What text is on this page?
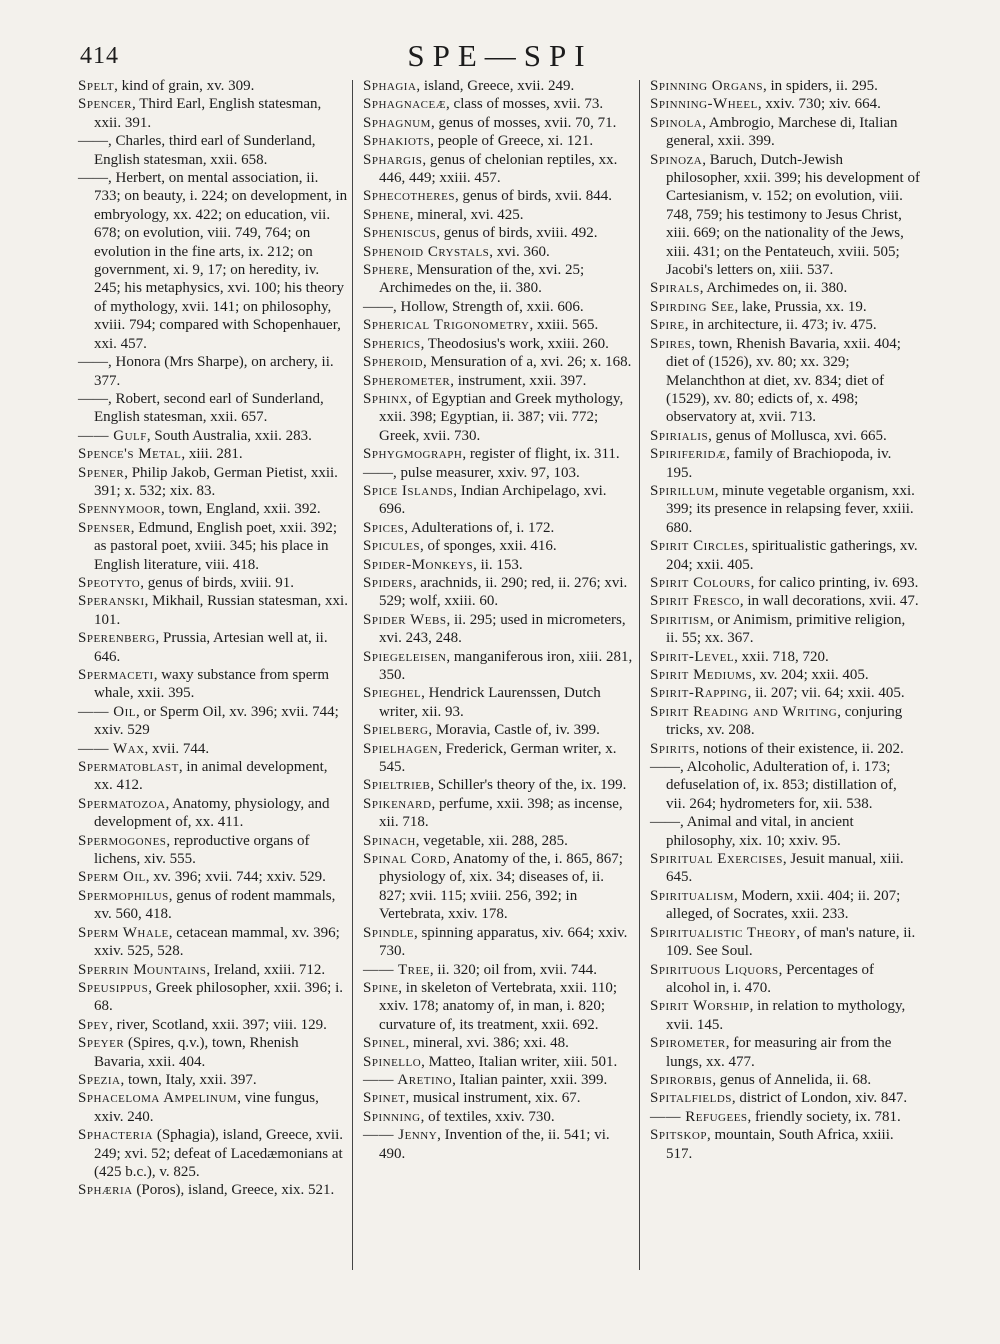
414	SPE—SPI

Spelt, kind of grain, xv. 309.

Spencer, Third Earl, English statesman, xxii. 391.

——, Charles, third earl of Sunderland, English statesman, xxii. 658.

——, Herbert, on mental association, ii. 733; on beauty, i. 224; on development, in embryology, xx. 422; on education, vii. 678; on evolution, viii. 749, 764; on evolution in the fine arts, ix. 212; on government, xi. 9, 17; on heredity, iv. 245; his metaphysics, xvi. 100; his theory of mythology, xvii. 141; on philosophy, xviii. 794; compared with Schopenhauer, xxi. 457.

——, Honora (Mrs Sharpe), on archery, ii. 377.

——, Robert, second earl of Sunderland, English statesman, xxii. 657.

—— Gulf, South Australia, xxii. 283.

Spence's Metal, xiii. 281.

Spener, Philip Jakob, German Pietist, xxii. 391; x. 532; xix. 83.

Spennymoor, town, England, xxii. 392.

Spenser, Edmund, English poet, xxii. 392; as pastoral poet, xviii. 345; his place in English literature, viii. 418.

Speotyto, genus of birds, xviii. 91.

Speranski, Mikhail, Russian statesman, xxi. 101.

Sperenberg, Prussia, Artesian well at, ii. 646.

Spermaceti, waxy substance from sperm whale, xxii. 395.

—— Oil, or Sperm Oil, xv. 396; xvii. 744; xxiv. 529

—— Wax, xvii. 744.

Spermatoblast, in animal development, xx. 412.

Spermatozoa, Anatomy, physiology, and development of, xx. 411.

Spermogones, reproductive organs of lichens, xiv. 555.

Sperm Oil, xv. 396; xvii. 744; xxiv. 529.

Spermophilus, genus of rodent mammals, xv. 560, 418.

Sperm Whale, cetacean mammal, xv. 396; xxiv. 525, 528.

Sperrin Mountains, Ireland, xxiii. 712.

Speusippus, Greek philosopher, xxii. 396; i. 68.

Spey, river, Scotland, xxii. 397; viii. 129.

Speyer (Spires, q.v.), town, Rhenish Bavaria, xxii. 404.

Spezia, town, Italy, xxii. 397.

Sphaceloma Ampelinum, vine fungus, xxiv. 240.

Sphacteria (Sphagia), island, Greece, xvii. 249; xvi. 52; defeat of Lacedæmonians at (425 b.c.), v. 825.

Sphæria (Poros), island, Greece, xix. 521.

Sphagia, island, Greece, xvii. 249.

Sphagnaceæ, class of mosses, xvii. 73.

Sphagnum, genus of mosses, xvii. 70, 71.

Sphakiots, people of Greece, xi. 121.

Sphargis, genus of chelonian reptiles, xx. 446, 449; xxiii. 457.

Sphecotheres, genus of birds, xvii. 844.

Sphene, mineral, xvi. 425.

Spheniscus, genus of birds, xviii. 492.

Sphenoid Crystals, xvi. 360.

Sphere, Mensuration of the, xvi. 25; Archimedes on the, ii. 380.

——, Hollow, Strength of, xxii. 606.

Spherical Trigonometry, xxiii. 565.

Spherics, Theodosius's work, xxiii. 260.

Spheroid, Mensuration of a, xvi. 26; x. 168.

Spherometer, instrument, xxii. 397.

Sphinx, of Egyptian and Greek mythology, xxii. 398; Egyptian, ii. 387; vii. 772; Greek, xvii. 730.

Sphygmograph, register of flight, ix. 311.

——, pulse measurer, xxiv. 97, 103.

Spice Islands, Indian Archipelago, xvi. 696.

Spices, Adulterations of, i. 172.

Spicules, of sponges, xxii. 416.

Spider-Monkeys, ii. 153.

Spiders, arachnids, ii. 290; red, ii. 276; xvi. 529; wolf, xxiii. 60.

Spider Webs, ii. 295; used in micrometers, xvi. 243, 248.

Spiegeleisen, manganiferous iron, xiii. 281, 350.

Spieghel, Hendrick Laurenssen, Dutch writer, xii. 93.

Spielberg, Moravia, Castle of, iv. 399.

Spielhagen, Frederick, German writer, x. 545.

Spieltrieb, Schiller's theory of the, ix. 199.

Spikenard, perfume, xxii. 398; as incense, xii. 718.

Spinach, vegetable, xii. 288, 285.

Spinal Cord, Anatomy of the, i. 865, 867; physiology of, xix. 34; diseases of, ii. 827; xvii. 115; xviii. 256, 392; in Vertebrata, xxiv. 178.

Spindle, spinning apparatus, xiv. 664; xxiv. 730.

—— Tree, ii. 320; oil from, xvii. 744.

Spine, in skeleton of Vertebrata, xxii. 110; xxiv. 178; anatomy of, in man, i. 820; curvature of, its treatment, xxii. 692.

Spinel, mineral, xvi. 386; xxi. 48.

Spinello, Matteo, Italian writer, xiii. 501.

—— Aretino, Italian painter, xxii. 399.

Spinet, musical instrument, xix. 67.

Spinning, of textiles, xxiv. 730.

—— Jenny, Invention of the, ii. 541; vi. 490.

Spinning Organs, in spiders, ii. 295.

Spinning-Wheel, xxiv. 730; xiv. 664.

Spinola, Ambrogio, Marchese di, Italian general, xxii. 399.

Spinoza, Baruch, Dutch-Jewish philosopher, xxii. 399; his development of Cartesianism, v. 152; on evolution, viii. 748, 759; his testimony to Jesus Christ, xiii. 669; on the nationality of the Jews, xiii. 431; on the Pentateuch, xviii. 505; Jacobi's letters on, xiii. 537.

Spirals, Archimedes on, ii. 380.

Spirding See, lake, Prussia, xx. 19.

Spire, in architecture, ii. 473; iv. 475.

Spires, town, Rhenish Bavaria, xxii. 404; diet of (1526), xv. 80; xx. 329; Melanchthon at diet, xv. 834; diet of (1529), xv. 80; edicts of, x. 498; observatory at, xvii. 713.

Spirialis, genus of Mollusca, xvi. 665.

Spiriferidæ, family of Brachiopoda, iv. 195.

Spirillum, minute vegetable organism, xxi. 399; its presence in relapsing fever, xxiii. 680.

Spirit Circles, spiritualistic gatherings, xv. 204; xxii. 405.

Spirit Colours, for calico printing, iv. 693.

Spirit Fresco, in wall decorations, xvii. 47.

Spiritism, or Animism, primitive religion, ii. 55; xx. 367.

Spirit-Level, xxii. 718, 720.

Spirit Mediums, xv. 204; xxii. 405.

Spirit-Rapping, ii. 207; vii. 64; xxii. 405.

Spirit Reading and Writing, conjuring tricks, xv. 208.

Spirits, notions of their existence, ii. 202.

——, Alcoholic, Adulteration of, i. 173; defuselation of, ix. 853; distillation of, vii. 264; hydrometers for, xii. 538.

——, Animal and vital, in ancient philosophy, xix. 10; xxiv. 95.

Spiritual Exercises, Jesuit manual, xiii. 645.

Spiritualism, Modern, xxii. 404; ii. 207; alleged, of Socrates, xxii. 233.

Spiritualistic Theory, of man's nature, ii. 109. See Soul.

Spirituous Liquors, Percentages of alcohol in, i. 470.

Spirit Worship, in relation to mythology, xvii. 145.

Spirometer, for measuring air from the lungs, xx. 477.

Spirorbis, genus of Annelida, ii. 68.

Spitalfields, district of London, xiv. 847.

—— Refugees, friendly society, ix. 781.

Spitskop, mountain, South Africa, xxiii. 517.
